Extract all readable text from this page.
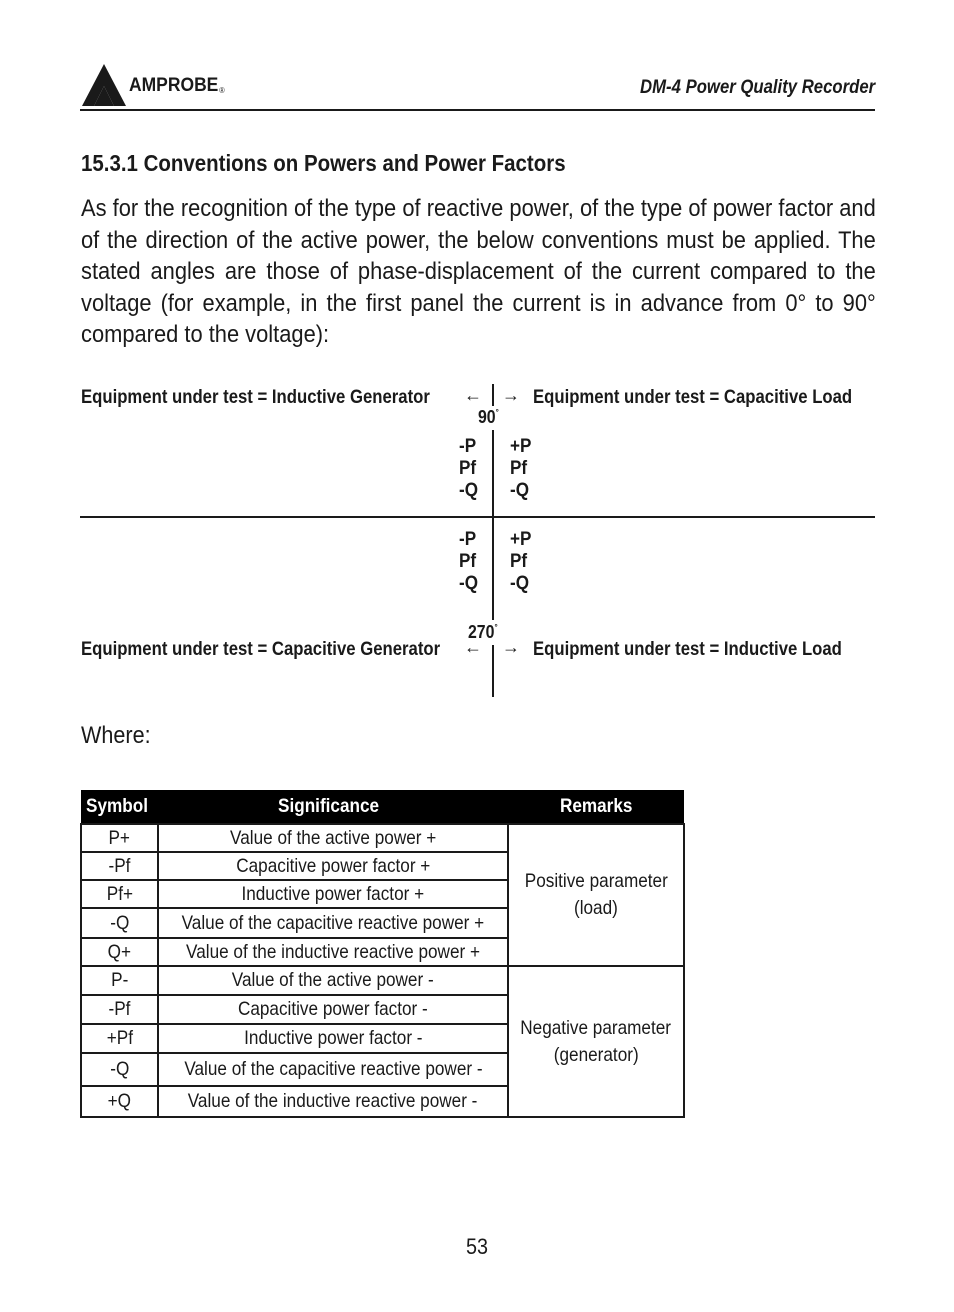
AMPROBE®	DM-4 Power Quality Recorder
15.3.1 Conventions on Powers and Power Factors
As for the recognition of the type of reactive power, of the type of power factor and of the direction of the active power, the below conventions must be applied. The stated angles are those of phase-displacement of the current compared to the voltage (for example, in the first panel the current is in advance from 0° to 90° compared to the voltage):
Equipment under test = Inductive Generator ← → Equipment under test = Capacitive Load
90°
-P
Pf
-Q
+P
Pf
-Q
-P
Pf
-Q
+P
Pf
-Q
270°
Equipment under test = Capacitive Generator ← → Equipment under test = Inductive Load
Where:
Symbol	Significance	Remarks
P+	Value of the active power +	Positive parameter
(load)
-Pf	Capacitive power factor +	
Pf+	Inductive power factor +	
-Q	Value of the capacitive reactive power +	
Q+	Value of the inductive reactive power +	
P-	Value of the active power -	Negative parameter
(generator)
-Pf	Capacitive power factor -	
+Pf	Inductive power factor -	
-Q	Value of the capacitive reactive power -	
+Q	Value of the inductive reactive power -	
53
